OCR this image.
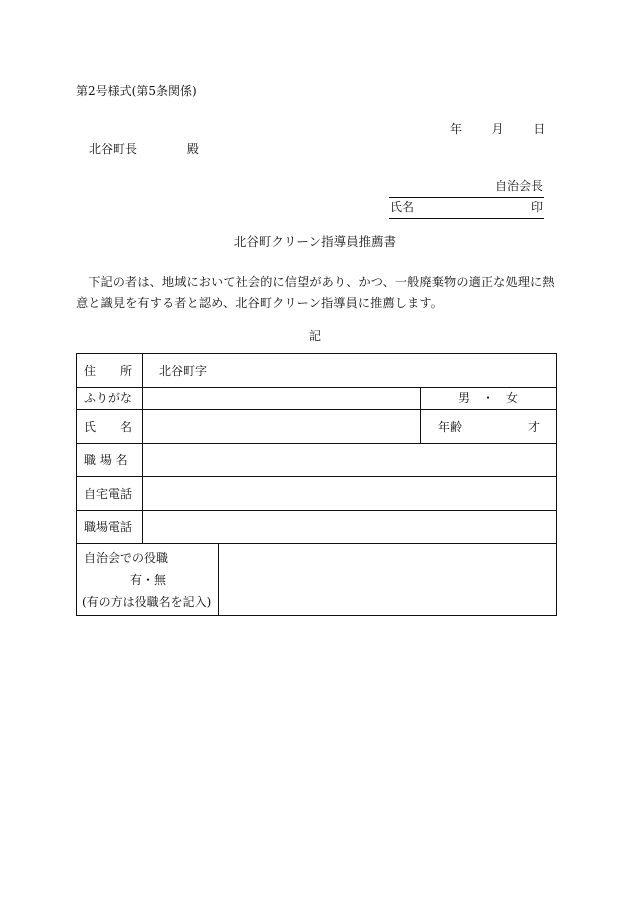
第2号様式(第5条関係)
年 月 日
北谷町長	殿
自治会長
氏名	印
北谷町クリーン指導員推薦書
下記の者は、地域において社会的に信望があり、かつ、一般廃棄物の適正な処理に熱意と識見を有する者と認め、北谷町クリーン指導員に推薦します。
記
住　　所 北谷町字
ふりがな	男　・　女
氏　　名	年齢	才
職 場 名
自宅電話
職場電話
自治会での役職
有・無
(有の方は役職名を記入)
